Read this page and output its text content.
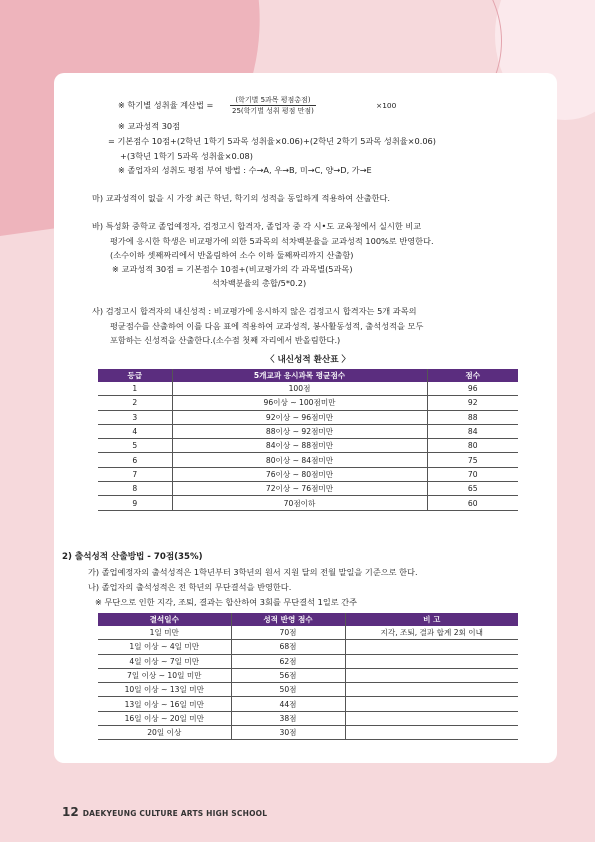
※ 학기별 성취율 계산법 =	(학기별 5과목 평점총점)
25(학기별 성취 평점 만점)
×100
※ 교과성적 30점
= 기본점수 10점+(2학년 1학기 5과목 성취율×0.06)+(2학년 2학기 5과목 성취율×0.06)
+(3학년 1학기 5과목 성취율×0.08)
※ 졸업자의 성취도 평점 부여 방법 : 수→A, 우→B, 미→C, 양→D, 가→E
마) 교과성적이 없을 시 가장 최근 학년, 학기의 성적을 동일하게 적용하여 산출한다.
바) 특성화 중학교 졸업예정자, 검정고시 합격자, 졸업자 중 각 시•도 교육청에서 실시한 비교
평가에 응시한 학생은 비교평가에 의한 5과목의 석차백분율을 교과성적 100%로 반영한다.
(소수이하 셋째짜리에서 반올림하여 소수 이하 둘째짜리까지 산출함)
※ 교과성적 30점 = 기본점수 10점+(비교평가의 각 과목별(5과목)
석차백분율의 총합/5*0.2)
사) 검정고시 합격자의 내신성적 : 비교평가에 응시하지 않은 검정고시 합격자는 5개 과목의
평균점수를 산출하여 이를 다음 표에 적용하여 교과성적, 봉사활동성적, 출석성적을 모두
포함하는 신성적을 산출한다.(소수점 첫째 자리에서 반올림한다.)
〈 내신성적 환산표 〉
등급	5개교과 응시과목 평균점수	점수
1	100점	96
2	96이상 ~ 100점미만	92
3	92이상 ~ 96점미만	88
4	88이상 ~ 92점미만	84
5	84이상 ~ 88점미만	80
6	80이상 ~ 84점미만	75
7	76이상 ~ 80점미만	70
8	72이상 ~ 76점미만	65
9	70점이하	60
2) 출석성적 산출방법 - 70점(35%)
가) 졸업예정자의 출석성적은 1학년부터 3학년의 원서 지원 달의 전월 말일을 기준으로 한다.
나) 졸업자의 출석성적은 전 학년의 무단결석을 반영한다.
※ 무단으로 인한 지각, 조퇴, 결과는 합산하여 3회를 무단결석 1일로 간주
결석일수	성적 반영 점수	비 고
1일 미만	70점	지각, 조퇴, 결과 합계 2회 이내
1일 이상 ~ 4일 미만	68점	
4일 이상 ~ 7일 미만	62점	
7일 이상 ~ 10일 미만	56점	
10일 이상 ~ 13일 미만	50점	
13일 이상 ~ 16일 미만	44점	
16일 이상 ~ 20일 미만	38점	
20일 이상	30점	
12 DAEKYEUNG CULTURE ARTS HIGH SCHOOL
